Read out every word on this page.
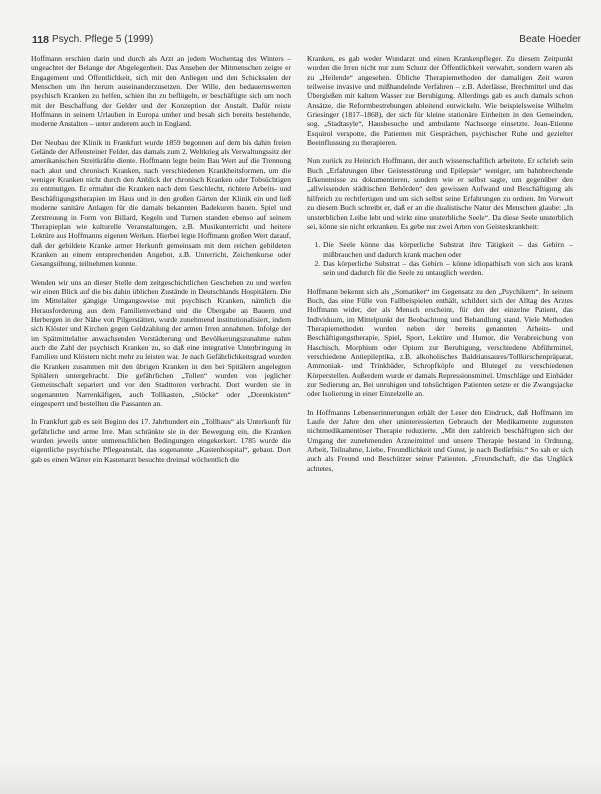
118 Psych. Pflege 5 (1999)	Beate Hoeder

Hoffmann erschien darin und durch als Arzt an jedem Wochentag des Winters – ungeachtet der Belange der Abgelegenheit. Das Ansehen der Mitmenschen zeigte er Engagement und Öffentlichkeit, sich mit den Anliegen und den Schicksalen der Menschen um ihn herum auseinanderzusetzen. Der Wille, den bedauernswerten psychisch Kranken zu helfen, schien ihn zu beflügeln, er beschäftigte sich um noch mit der Beschaffung der Gelder und der Konzeption der Anstalt. Dafür reiste Hoffmann in seinem Urlauben in Europa umher und besah sich bereits bestehende, moderne Anstalten – unter anderem auch in England.

Der Neubau der Klinik in Frankfurt wurde 1859 begonnen auf dem bis dahin freien Gelände der Affensteiner Felder, das damals zum 2. Weltkrieg als Verwaltungssitz der amerikanischen Streitkräfte diente. Hoffmann legte beim Bau Wert auf die Trennung nach akut und chronisch Kranken, nach verschiedenen Krankheitsformen, um die weniger Kranken nicht durch den Anblick der chronisch Kranken oder Tobsüchtigen zu entmutigen. Er ermahnt die Kranken nach dem Geschlecht, richtete Arbeits- und Beschäftigungstherapien im Haus und in den großen Gärten der Klinik ein und ließ moderne sanitäre Anlagen für die damals bekannten Badekuren bauen. Spiel und Zerstreuung in Form von Billard, Kegeln und Turnen standen ebenso auf seinem Therapieplan wie kulturelle Veranstaltungen, z.B. Musikunterricht und heitere Lektüre aus Hoffmanns eigenen Werken. Hierbei legte Hoffmann großen Wert darauf, daß der gebildete Kranke armer Herkunft gemeinsam mit dem reichen gebildeten Kranken an einem entsprechenden Angebot, z.B. Unterricht, Zeichenkurse oder Gesangsübung, teilnehmen konnte.

Wenden wir uns an dieser Stelle dem zeitgeschichtlichen Geschehen zu und werfen wir einen Blick auf die bis dahin üblichen Zustände in Deutschlands Hospitälern. Die im Mittelalter gängige Umgangsweise mit psychisch Kranken, nämlich die Herausforderung aus dem Familienverband und die Übergabe an Bauern und Herbergen in der Nähe von Pilgerstätten, wurde zunehmend institutionalisiert, indem sich Klöster und Kirchen gegen Geldzahlung der armen Irren annahmen. Infolge der im Spätmittelalter anwachsenden Verstädterung und Bevölkerungszunahme nahm auch die Zahl der psychisch Kranken zu, so daß eine integrative Unterbringung in Familien und Klöstern nicht mehr zu leisten war. Je nach Gefährlichkeitsgrad wurden die Kranken zusammen mit den übrigen Kranken in den bei Spitälern angelegten Spitälern untergebracht. Die gefährlichen „Tollen“ wurden von jeglicher Gemeinschaft separiert und vor den Stadttoren verbracht. Dort wurden sie in sogenannten Narrenkäfigen, auch Tollkasten, „Stöcke“ oder „Dorenkisten“ eingesperrt und bestellten die Passanten an.

In Frankfurt gab es seit Beginn des 17. Jahrhundert ein „Tollhaus“ als Unterkunft für gefährliche und arme Irre. Man schränkte sie in der Bewegung ein, die Kranken wurden jeweils unter unmenschlichen Bedingungen eingekerkert. 1785 wurde die eigentliche psychische Pflegeanstalt, das sogenannte „Kastenhospital“, gebaut. Dort gab es einen Wärter ein Kastenarzt besuchte dreimal wöchentlich die

Kranken, es gab weder Wundarzt und einen Krankenpfleger. Zu diesem Zeitpunkt wurden die Irren nicht nur zum Schutz der Öffentlichkeit verwahrt, sondern waren als zu „Heilende“ angesehen. Übliche Therapiemethoden der damaligen Zeit waren teilweise invasive und mißhandelnde Verfahren – z.B. Aderlässe, Brechmittel und das Übergießen mit kaltem Wasser zur Beruhigung. Allerdings gab es auch damals schon Ansätze, die Reformbestrebungen ableitend entwickeln. Wie beispielsweise Wilhelm Griesinger (1817–1868), der sich für kleine stationäre Einheiten in den Gemeinden, sog. „Stadtasyle“, Hausbesuche und ambulante Nachsorge einsetzte. Jean-Etienne Esquirol verspotte, die Patienten mit Gesprächen, psychischer Ruhe und gezielter Beeinflussung zu therapieren.

Nun zurück zu Heinrich Hoffmann, der auch wissenschaftlich arbeitete. Er schrieb sein Buch „Erfahrungen über Geistesstörung und Epilepsie“ weniger, um bahnbrechende Erkenntnisse zu dokumentieren, sondern wie er selbst sagte, um gegenüber den „allwissenden städtischen Behörden“ den gewissen Aufwand und Beschäftigung als hilfreich zu rechtfertigen und um sich selbst seine Erfahrungen zu ordnen. Im Vorwort zu diesem Buch schreibt er, daß er an die dualistische Natur des Menschen glaube: „In unsterblichen Leibe lebt und wirkt eine unsterbliche Seele“. Da diese Seele unsterblich sei, könne sie nicht erkranken. Es gebe nur zwei Arten von Geisteskrankheit:

1. Die Seele könne das körperliche Substrat ihre Tätigkeit – das Gehirn – mißbrauchen und dadurch krank machen oder
2. Das körperliche Substrat – das Gehirn – könne idiopathisch von sich aus krank sein und dadurch für die Seele zu untauglich werden.

Hoffmann bekennt sich als „Somatiker“ im Gegensatz zu den „Psychikern“. In seinem Buch, das eine Fülle von Fallbeispielen enthält, schildert sich der Alltag des Arztes Hoffmann wider, der als Mensch erscheint, für den der einzelne Patient, das Individuum, im Mittelpunkt der Beobachtung und Behandlung stand. Viele Methoden Therapiemethoden wurden neben der bereits genannten Arbeits- und Beschäftigungstherapie, Spiel, Sport, Lektüre und Humor, die Verabreichung von Haschisch, Morphium oder Opium zur Beruhigung, verschiedene Abführmittel, verschiedene Antiepileptika, z.B. alkoholisches Baldriansaures/Tollkirschenpräparat, Ammoniak- und Trinkbäder, Schropfköpfe und Blutegel zu verschiedenen Körperstellen. Außerdem wurde er damals Repressionsmittel. Umschläge und Einbäder zur Sedierung an, Bei unruhigen und tobsüchtigen Patienten setzte er die Zwangsjacke oder Isolierung in einer Einzelzelle an.

In Hoffmanns Lebenserinnerungen erhält der Leser den Eindruck, daß Hoffmann im Laufe der Jahre den eher uninteressierten Gebrauch der Medikamente zugunsten nichtmedikamentöser Therapie reduzierte. „Mit den zahlreich beschäftigten sich der Umgang der zunehmenden Arzneimittel und unsere Therapie bestand in Ordnung, Arbeit, Teilnahme, Liebe, Freundlichkeit und Gunst, je nach Bedürfnis.“ So sah er sich auch als Freund und Beschützer seiner Patienten. „Freundschaft, die das Unglück achtetes,
